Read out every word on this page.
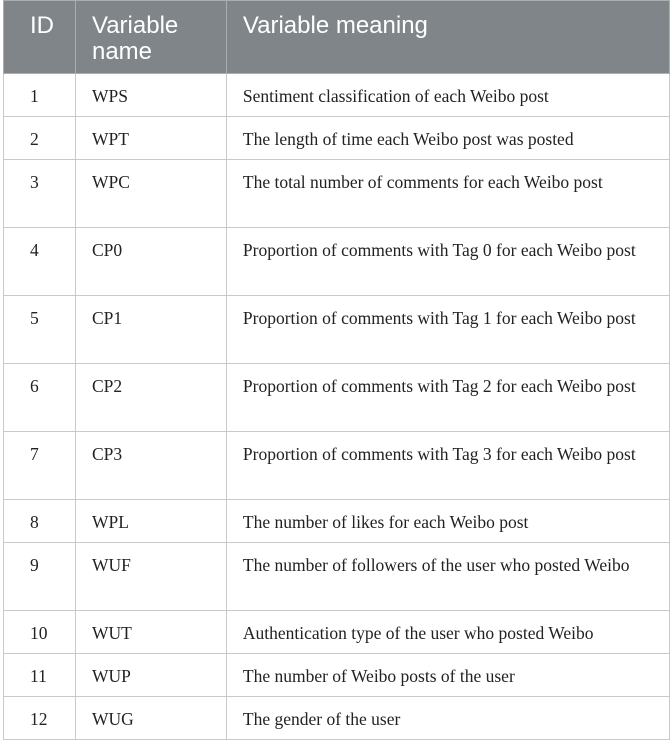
ID	Variable name	Variable meaning

1	WPS	Sentiment classification of each Weibo post

2	WPT	The length of time each Weibo post was posted

3	WPC	The total number of comments for each Weibo post

4	CP0	Proportion of comments with Tag 0 for each Weibo post

5	CP1	Proportion of comments with Tag 1 for each Weibo post

6	CP2	Proportion of comments with Tag 2 for each Weibo post

7	CP3	Proportion of comments with Tag 3 for each Weibo post

8	WPL	The number of likes for each Weibo post

9	WUF	The number of followers of the user who posted Weibo

10	WUT	Authentication type of the user who posted Weibo

11	WUP	The number of Weibo posts of the user

12	WUG	The gender of the user
